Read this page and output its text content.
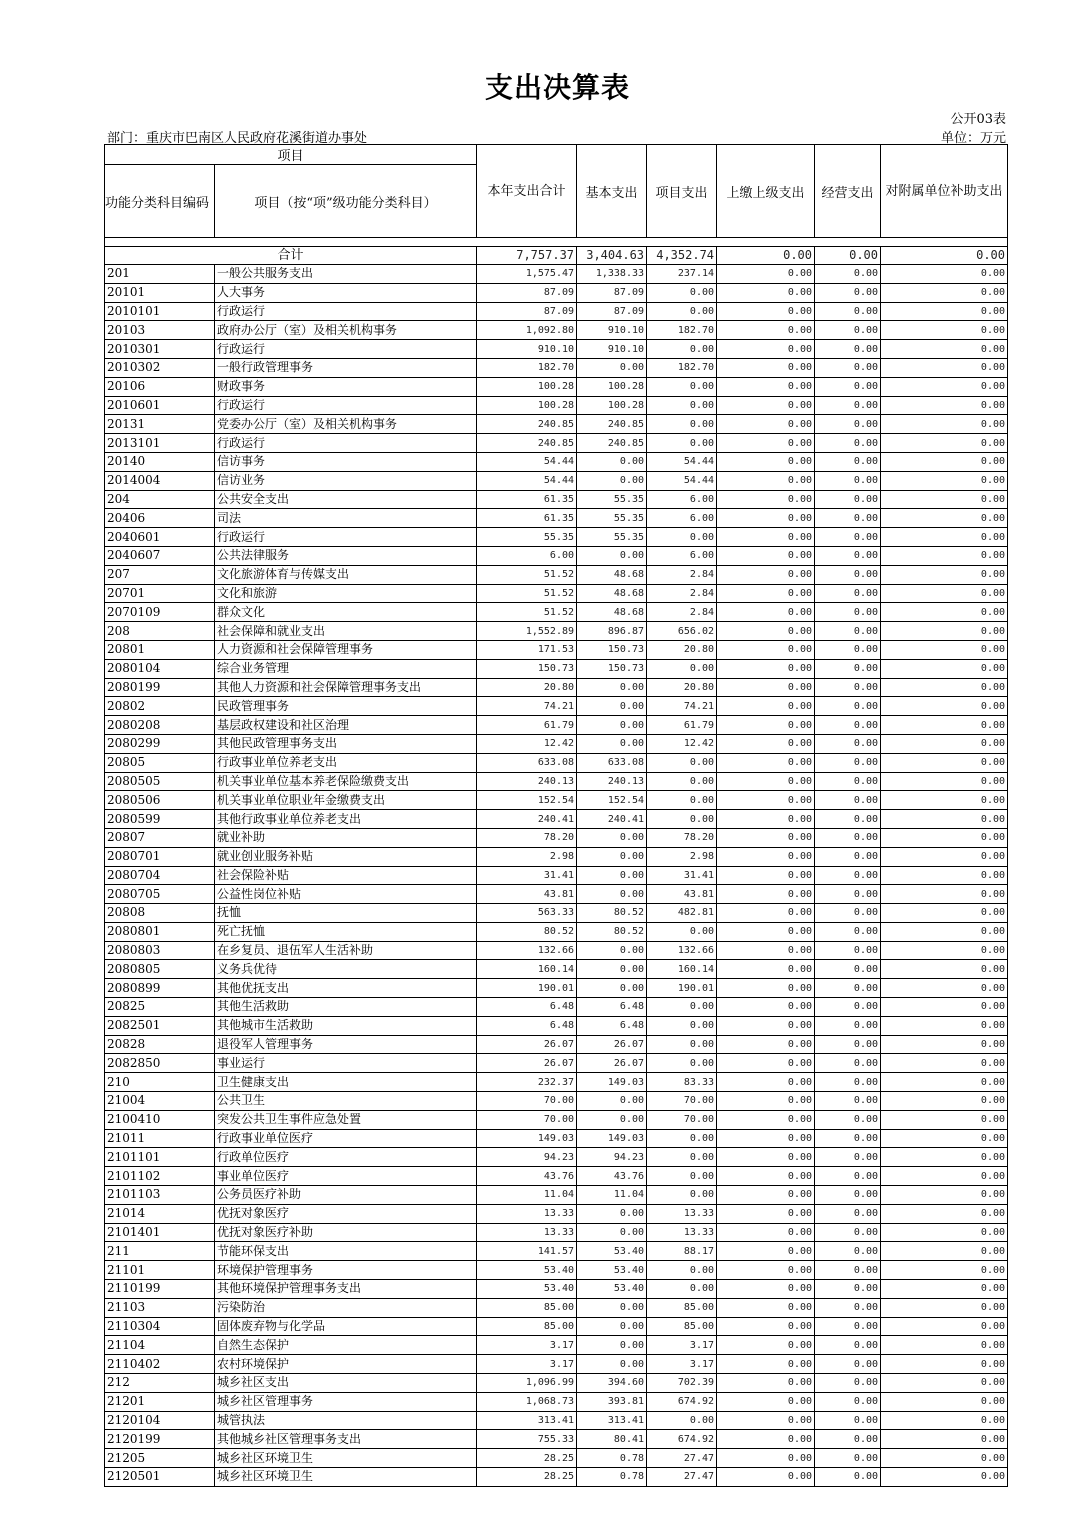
支出决算表
公开03表
部门：重庆市巴南区人民政府花溪街道办事处	单位：万元
项目		本年支出合计	基本支出	项目支出	上缴上级支出	经营支出	对附属单位补助支出
功能分类科目编码	项目（按“项”级功能分类科目）						

合计		7,757.37	3,404.63	4,352.74	0.00	0.00	0.00
201	一般公共服务支出	1,575.47	1,338.33	237.14	0.00	0.00	0.00
20101	人大事务	87.09	87.09	0.00	0.00	0.00	0.00
2010101	行政运行	87.09	87.09	0.00	0.00	0.00	0.00
20103	政府办公厅（室）及相关机构事务	1,092.80	910.10	182.70	0.00	0.00	0.00
2010301	行政运行	910.10	910.10	0.00	0.00	0.00	0.00
2010302	一般行政管理事务	182.70	0.00	182.70	0.00	0.00	0.00
20106	财政事务	100.28	100.28	0.00	0.00	0.00	0.00
2010601	行政运行	100.28	100.28	0.00	0.00	0.00	0.00
20131	党委办公厅（室）及相关机构事务	240.85	240.85	0.00	0.00	0.00	0.00
2013101	行政运行	240.85	240.85	0.00	0.00	0.00	0.00
20140	信访事务	54.44	0.00	54.44	0.00	0.00	0.00
2014004	信访业务	54.44	0.00	54.44	0.00	0.00	0.00
204	公共安全支出	61.35	55.35	6.00	0.00	0.00	0.00
20406	司法	61.35	55.35	6.00	0.00	0.00	0.00
2040601	行政运行	55.35	55.35	0.00	0.00	0.00	0.00
2040607	公共法律服务	6.00	0.00	6.00	0.00	0.00	0.00
207	文化旅游体育与传媒支出	51.52	48.68	2.84	0.00	0.00	0.00
20701	文化和旅游	51.52	48.68	2.84	0.00	0.00	0.00
2070109	群众文化	51.52	48.68	2.84	0.00	0.00	0.00
208	社会保障和就业支出	1,552.89	896.87	656.02	0.00	0.00	0.00
20801	人力资源和社会保障管理事务	171.53	150.73	20.80	0.00	0.00	0.00
2080104	综合业务管理	150.73	150.73	0.00	0.00	0.00	0.00
2080199	其他人力资源和社会保障管理事务支出	20.80	0.00	20.80	0.00	0.00	0.00
20802	民政管理事务	74.21	0.00	74.21	0.00	0.00	0.00
2080208	基层政权建设和社区治理	61.79	0.00	61.79	0.00	0.00	0.00
2080299	其他民政管理事务支出	12.42	0.00	12.42	0.00	0.00	0.00
20805	行政事业单位养老支出	633.08	633.08	0.00	0.00	0.00	0.00
2080505	机关事业单位基本养老保险缴费支出	240.13	240.13	0.00	0.00	0.00	0.00
2080506	机关事业单位职业年金缴费支出	152.54	152.54	0.00	0.00	0.00	0.00
2080599	其他行政事业单位养老支出	240.41	240.41	0.00	0.00	0.00	0.00
20807	就业补助	78.20	0.00	78.20	0.00	0.00	0.00
2080701	就业创业服务补贴	2.98	0.00	2.98	0.00	0.00	0.00
2080704	社会保险补贴	31.41	0.00	31.41	0.00	0.00	0.00
2080705	公益性岗位补贴	43.81	0.00	43.81	0.00	0.00	0.00
20808	抚恤	563.33	80.52	482.81	0.00	0.00	0.00
2080801	死亡抚恤	80.52	80.52	0.00	0.00	0.00	0.00
2080803	在乡复员、退伍军人生活补助	132.66	0.00	132.66	0.00	0.00	0.00
2080805	义务兵优待	160.14	0.00	160.14	0.00	0.00	0.00
2080899	其他优抚支出	190.01	0.00	190.01	0.00	0.00	0.00
20825	其他生活救助	6.48	6.48	0.00	0.00	0.00	0.00
2082501	其他城市生活救助	6.48	6.48	0.00	0.00	0.00	0.00
20828	退役军人管理事务	26.07	26.07	0.00	0.00	0.00	0.00
2082850	事业运行	26.07	26.07	0.00	0.00	0.00	0.00
210	卫生健康支出	232.37	149.03	83.33	0.00	0.00	0.00
21004	公共卫生	70.00	0.00	70.00	0.00	0.00	0.00
2100410	突发公共卫生事件应急处置	70.00	0.00	70.00	0.00	0.00	0.00
21011	行政事业单位医疗	149.03	149.03	0.00	0.00	0.00	0.00
2101101	行政单位医疗	94.23	94.23	0.00	0.00	0.00	0.00
2101102	事业单位医疗	43.76	43.76	0.00	0.00	0.00	0.00
2101103	公务员医疗补助	11.04	11.04	0.00	0.00	0.00	0.00
21014	优抚对象医疗	13.33	0.00	13.33	0.00	0.00	0.00
2101401	优抚对象医疗补助	13.33	0.00	13.33	0.00	0.00	0.00
211	节能环保支出	141.57	53.40	88.17	0.00	0.00	0.00
21101	环境保护管理事务	53.40	53.40	0.00	0.00	0.00	0.00
2110199	其他环境保护管理事务支出	53.40	53.40	0.00	0.00	0.00	0.00
21103	污染防治	85.00	0.00	85.00	0.00	0.00	0.00
2110304	固体废弃物与化学品	85.00	0.00	85.00	0.00	0.00	0.00
21104	自然生态保护	3.17	0.00	3.17	0.00	0.00	0.00
2110402	农村环境保护	3.17	0.00	3.17	0.00	0.00	0.00
212	城乡社区支出	1,096.99	394.60	702.39	0.00	0.00	0.00
21201	城乡社区管理事务	1,068.73	393.81	674.92	0.00	0.00	0.00
2120104	城管执法	313.41	313.41	0.00	0.00	0.00	0.00
2120199	其他城乡社区管理事务支出	755.33	80.41	674.92	0.00	0.00	0.00
21205	城乡社区环境卫生	28.25	0.78	27.47	0.00	0.00	0.00
2120501	城乡社区环境卫生	28.25	0.78	27.47	0.00	0.00	0.00
